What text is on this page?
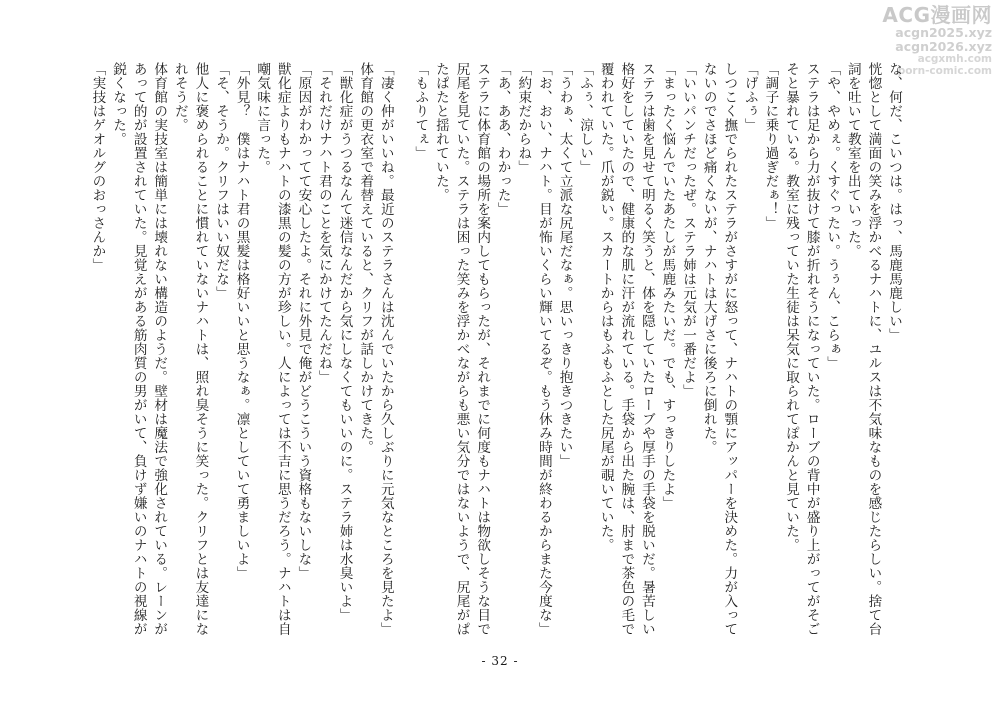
ACG漫画网
acgn2025.xyz
acgn2026.xyz
acgxmh.com
porn-comic.com

な、何だ、こいつは。はっ、馬鹿馬鹿しい」

恍惚として満面の笑みを浮かべるナハトに、ユルスは不気味なものを感じたらしい。捨て台詞を吐いて教室を出ていった。

「や、やめぇ。くすぐったい。うぅん、こらぁ」

ステラは足から力が抜けて膝が折れそうになっていた。ローブの背中が盛り上がってがそごそと暴れている。教室に残っていた生徒は呆気に取られてぽかんと見ていた。

「調子に乗り過ぎだぁ！」

「げふぅ」

しつこく撫でられたステラがさすがに怒って、ナハトの顎にアッパーを決めた。力が入ってないのでさほど痛くないが、ナハトは大げさに後ろに倒れた。

「いいパンチだったぜ。ステラ姉は元気が一番だよ」

「まったく悩んでいたあたしが馬鹿みたいだ。でも、すっきりしたよ」

ステラは歯を見せて明るく笑うと、体を隠していたローブや厚手の手袋を脱いだ。暑苦しい格好をしていたので、健康的な肌に汗が流れている。手袋から出た腕は、肘まで茶色の毛で覆われていた。爪が鋭い。スカートからはもふもふとした尻尾が覗いていた。

「ふぅ、涼しい」

「うわぁ、太くて立派な尻尾だなぁ。思いっきり抱きつきたい」

「お、おい、ナハト。目が怖いくらい輝いてるぞ。もう休み時間が終わるからまた今度な」

「約束だからね」

「あ、ああ、わかった」

ステラに体育館の場所を案内してもらったが、それまでに何度もナハトは物欲しそうな目で尻尾を見ていた。ステラは困った笑みを浮かべながらも悪い気分ではないようで、尻尾がぱたぱたと揺れていた。

「もふりてぇ」

「凄く仲がいいね。最近のステラさんは沈んでいたから久しぶりに元気なところを見たよ」

体育館の更衣室で着替えていると、クリフが話しかけてきた。

「獣化症がうつるなんて迷信なんだから気にしなくてもいいのに。ステラ姉は水臭いよ」

「それだけナハト君のことを気にかけてたんだね」

「原因がわかってて安心したよ。それに外見で俺がどうこういう資格もないしな」

獣化症よりもナハトの漆黒の髪の方が珍しい。人によっては不吉に思うだろう。ナハトは自嘲気味に言った。

「外見？　僕はナハト君の黒髪は格好いいと思うなぁ。凛としていて勇ましいよ」

「そ、そうか。クリフはいい奴だな」

他人に褒められることに慣れていないナハトは、照れ臭そうに笑った。クリフとは友達になれそうだ。

体育館の実技室は簡単には壊れない構造のようだ。壁材は魔法で強化されている。レーンがあって的が設置されていた。見覚えがある筋肉質の男がいて、負けず嫌いのナハトの視線が鋭くなった。

「実技はゲオルグのおっさんか」

- 32 -
